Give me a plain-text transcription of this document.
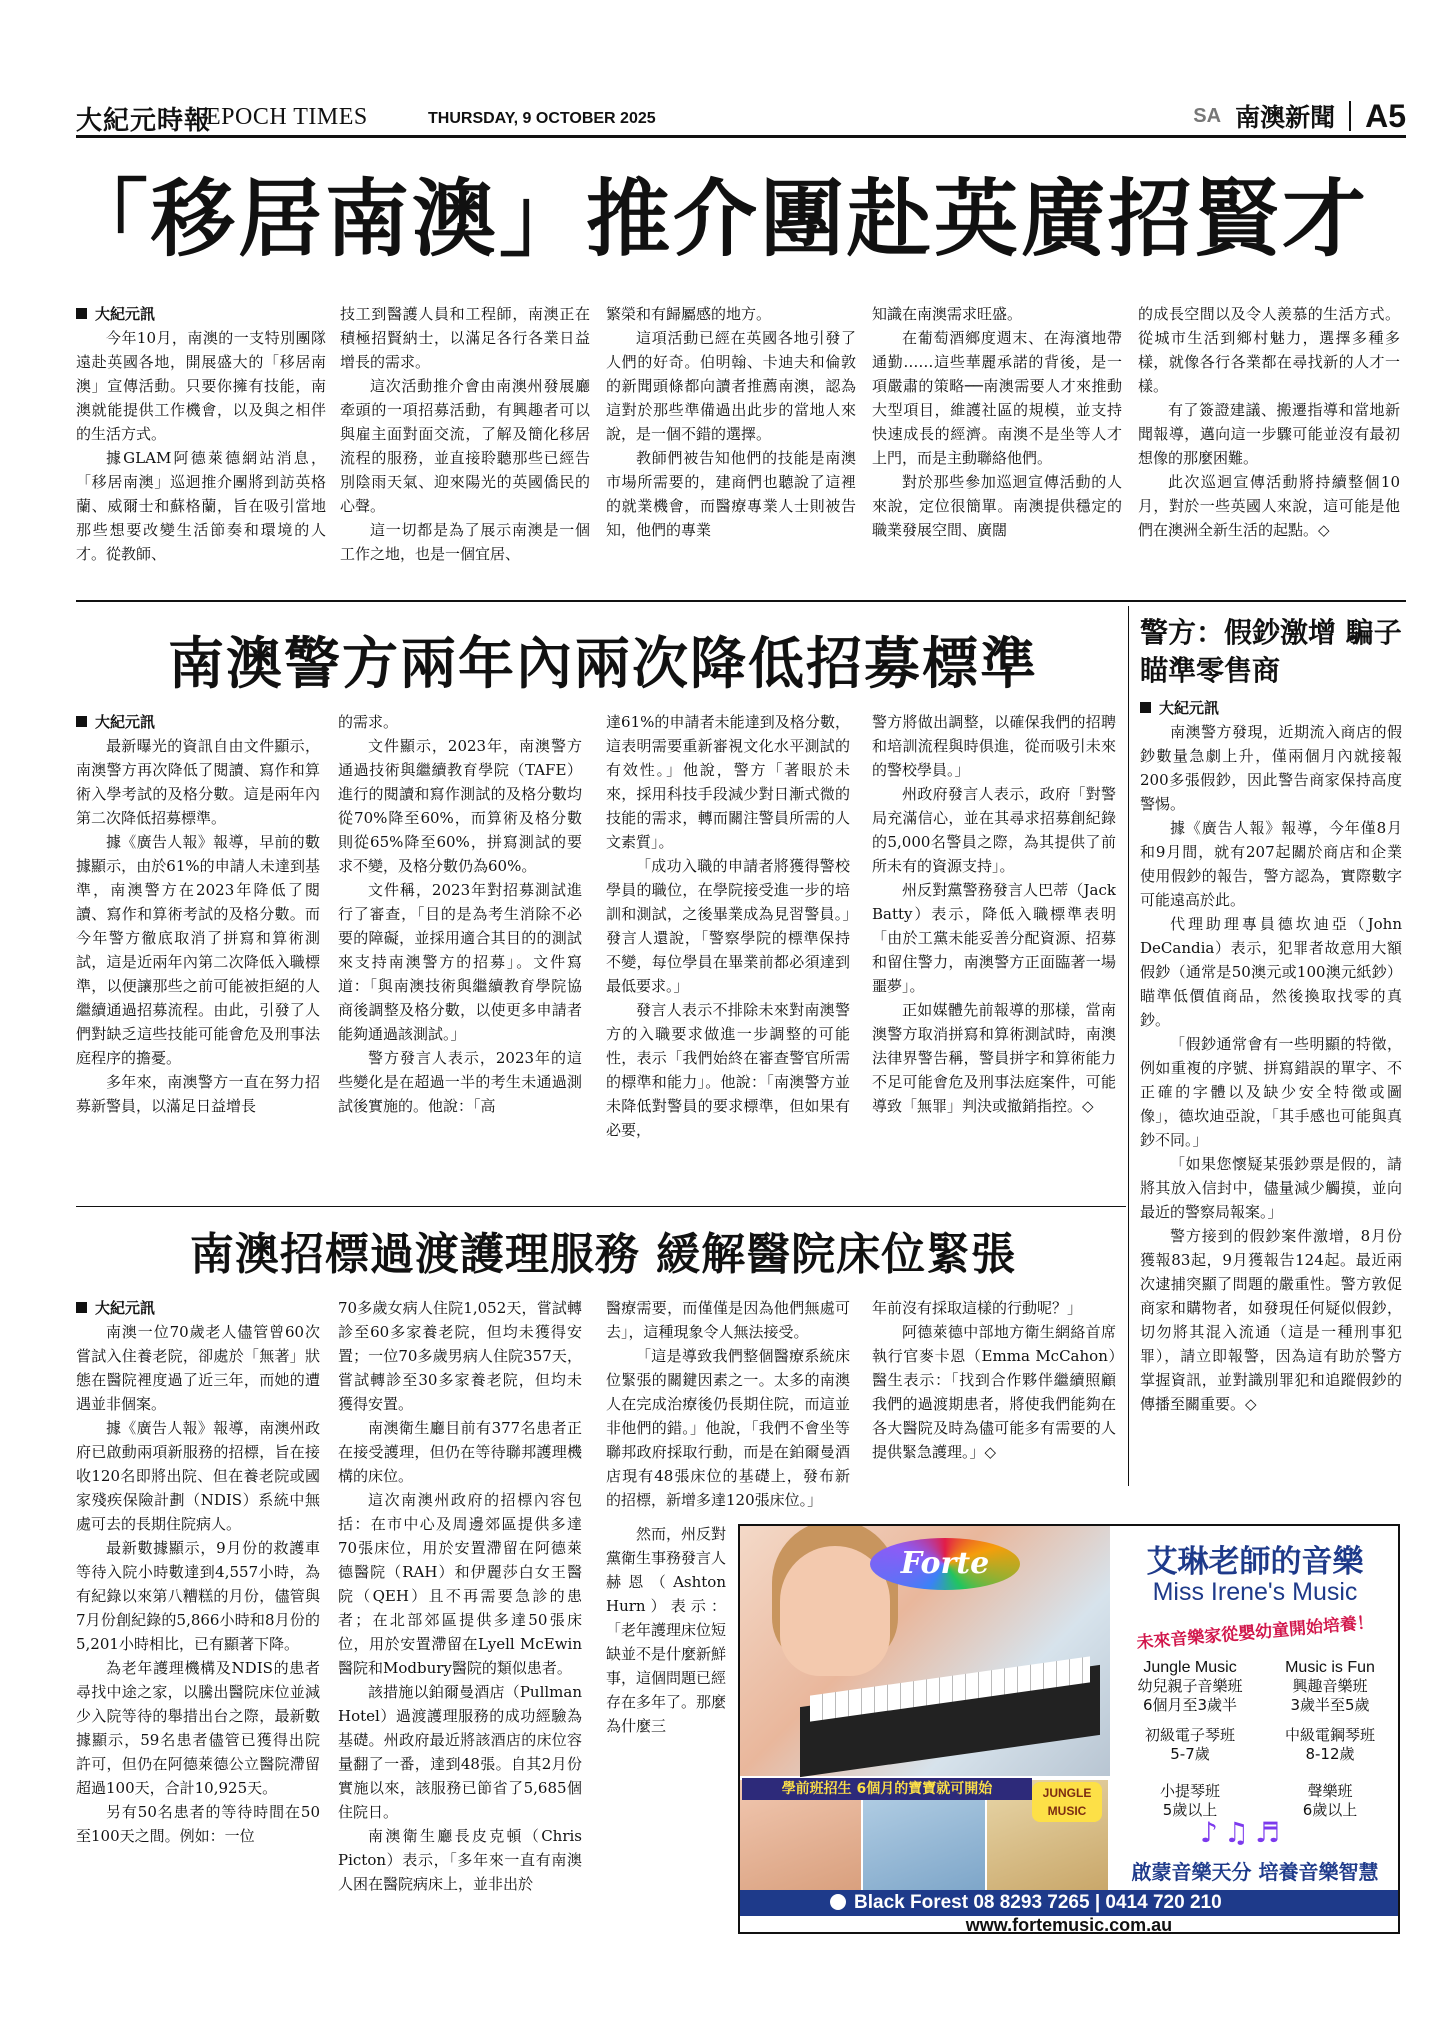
大紀元時報
EPOCH TIMES	THURSDAY, 9 OCTOBER 2025	SA 南澳新聞 A5
「移居南澳」推介團赴英廣招賢才

大紀元訊

今年10月，南澳的一支特別團隊遠赴英國各地，開展盛大的「移居南澳」宣傳活動。只要你擁有技能，南澳就能提供工作機會，以及與之相伴的生活方式。

據GLAM阿德萊德網站消息，「移居南澳」巡迴推介團將到訪英格蘭、威爾士和蘇格蘭，旨在吸引當地那些想要改變生活節奏和環境的人才。從教師、

技工到醫護人員和工程師，南澳正在積極招賢納士，以滿足各行各業日益增長的需求。

這次活動推介會由南澳州發展廳牽頭的一項招募活動，有興趣者可以與雇主面對面交流，了解及簡化移居流程的服務，並直接聆聽那些已經告別陰雨天氣、迎來陽光的英國僑民的心聲。

這一切都是為了展示南澳是一個工作之地，也是一個宜居、

繁榮和有歸屬感的地方。

這項活動已經在英國各地引發了人們的好奇。伯明翰、卡迪夫和倫敦的新聞頭條都向讀者推薦南澳，認為這對於那些準備過出此步的當地人來說，是一個不錯的選擇。

教師們被告知他們的技能是南澳市場所需要的，建商們也聽說了這裡的就業機會，而醫療專業人士則被告知，他們的專業

知識在南澳需求旺盛。

在葡萄酒鄉度週末、在海濱地帶通勤……這些華麗承諾的背後，是一項嚴肅的策略──南澳需要人才來推動大型項目，維護社區的規模，並支持快速成長的經濟。南澳不是坐等人才上門，而是主動聯絡他們。

對於那些參加巡迴宣傳活動的人來說，定位很簡單。南澳提供穩定的職業發展空間、廣闊

的成長空間以及令人羨慕的生活方式。從城市生活到鄉村魅力，選擇多種多樣，就像各行各業都在尋找新的人才一樣。

有了簽證建議、搬遷指導和當地新聞報導，邁向這一步驟可能並沒有最初想像的那麼困難。

此次巡迴宣傳活動將持續整個10月，對於一些英國人來說，這可能是他們在澳洲全新生活的起點。◇

南澳警方兩年內兩次降低招募標準

大紀元訊

最新曝光的資訊自由文件顯示，南澳警方再次降低了閱讀、寫作和算術入學考試的及格分數。這是兩年內第二次降低招募標準。

據《廣告人報》報導，早前的數據顯示，由於61%的申請人未達到基準，南澳警方在2023年降低了閱讀、寫作和算術考試的及格分數。而今年警方徹底取消了拼寫和算術測試，這是近兩年內第二次降低入職標準，以便讓那些之前可能被拒絕的人繼續通過招募流程。由此，引發了人們對缺乏這些技能可能會危及刑事法庭程序的擔憂。

多年來，南澳警方一直在努力招募新警員，以滿足日益增長

的需求。

文件顯示，2023年，南澳警方通過技術與繼續教育學院（TAFE）進行的閱讀和寫作測試的及格分數均從70%降至60%，而算術及格分數則從65%降至60%，拼寫測試的要求不變，及格分數仍為60%。

文件稱，2023年對招募測試進行了審查，「目的是為考生消除不必要的障礙，並採用適合其目的的測試來支持南澳警方的招募」。文件寫道：「與南澳技術與繼續教育學院協商後調整及格分數，以使更多申請者能夠通過該測試。」

警方發言人表示，2023年的這些變化是在超過一半的考生未通過測試後實施的。他說：「高

達61%的申請者未能達到及格分數，這表明需要重新審視文化水平測試的有效性。」他說，警方「著眼於未來，採用科技手段減少對日漸式微的技能的需求，轉而關注警員所需的人文素質」。

「成功入職的申請者將獲得警校學員的職位，在學院接受進一步的培訓和測試，之後畢業成為見習警員。」發言人還說，「警察學院的標準保持不變，每位學員在畢業前都必須達到最低要求。」

發言人表示不排除未來對南澳警方的入職要求做進一步調整的可能性，表示「我們始終在審查警官所需的標準和能力」。他說：「南澳警方並未降低對警員的要求標準，但如果有必要，

警方將做出調整，以確保我們的招聘和培訓流程與時俱進，從而吸引未來的警校學員。」

州政府發言人表示，政府「對警局充滿信心，並在其尋求招募創紀錄的5,000名警員之際，為其提供了前所未有的資源支持」。

州反對黨警務發言人巴蒂（Jack Batty）表示，降低入職標準表明「由於工黨未能妥善分配資源、招募和留住警力，南澳警方正面臨著一場噩夢」。

正如媒體先前報導的那樣，當南澳警方取消拼寫和算術測試時，南澳法律界警告稱，警員拼字和算術能力不足可能會危及刑事法庭案件，可能導致「無罪」判決或撤銷指控。◇

警方：假鈔激增 騙子瞄準零售商

大紀元訊

南澳警方發現，近期流入商店的假鈔數量急劇上升，僅兩個月內就接報200多張假鈔，因此警告商家保持高度警惕。

據《廣告人報》報導，今年僅8月和9月間，就有207起關於商店和企業使用假鈔的報告，警方認為，實際數字可能遠高於此。

代理助理專員德坎迪亞（John DeCandia）表示，犯罪者故意用大額假鈔（通常是50澳元或100澳元紙鈔）瞄準低價值商品，然後換取找零的真鈔。

「假鈔通常會有一些明顯的特徵，例如重複的序號、拼寫錯誤的單字、不正確的字體以及缺少安全特徵或圖像」，德坎迪亞說，「其手感也可能與真鈔不同。」

「如果您懷疑某張鈔票是假的，請將其放入信封中，儘量減少觸摸，並向最近的警察局報案。」

警方接到的假鈔案件激增，8月份獲報83起，9月獲報告124起。最近兩次逮捕突顯了問題的嚴重性。警方敦促商家和購物者，如發現任何疑似假鈔，切勿將其混入流通（這是一種刑事犯罪），請立即報警，因為這有助於警方掌握資訊，並對識別罪犯和追蹤假鈔的傳播至關重要。◇

南澳招標過渡護理服務 緩解醫院床位緊張

大紀元訊

南澳一位70歲老人儘管曾60次嘗試入住養老院，卻處於「無著」狀態在醫院裡度過了近三年，而她的遭遇並非個案。

據《廣告人報》報導，南澳州政府已啟動兩項新服務的招標，旨在接收120名即將出院、但在養老院或國家殘疾保險計劃（NDIS）系統中無處可去的長期住院病人。

最新數據顯示，9月份的救護車等待入院小時數達到4,557小時，為有紀錄以來第八糟糕的月份，儘管與7月份創紀錄的5,866小時和8月份的5,201小時相比，已有顯著下降。

為老年護理機構及NDIS的患者尋找中途之家，以騰出醫院床位並減少入院等待的舉措出台之際，最新數據顯示，59名患者儘管已獲得出院許可，但仍在阿德萊德公立醫院滯留超過100天，合計10,925天。

另有50名患者的等待時間在50至100天之間。例如：一位

70多歲女病人住院1,052天，嘗試轉診至60多家養老院，但均未獲得安置；一位70多歲男病人住院357天，嘗試轉診至30多家養老院，但均未獲得安置。

南澳衛生廳目前有377名患者正在接受護理，但仍在等待聯邦護理機構的床位。

這次南澳州政府的招標內容包括：在市中心及周邊郊區提供多達70張床位，用於安置滯留在阿德萊德醫院（RAH）和伊麗莎白女王醫院（QEH）且不再需要急診的患者；在北部郊區提供多達50張床位，用於安置滯留在Lyell McEwin醫院和Modbury醫院的類似患者。

該措施以鉑爾曼酒店（Pullman Hotel）過渡護理服務的成功經驗為基礎。州政府最近將該酒店的床位容量翻了一番，達到48張。自其2月份實施以來，該服務已節省了5,685個住院日。

南澳衛生廳長皮克頓（Chris Picton）表示，「多年來一直有南澳人困在醫院病床上，並非出於

醫療需要，而僅僅是因為他們無處可去」，這種現象令人無法接受。

「這是導致我們整個醫療系統床位緊張的關鍵因素之一。太多的南澳人在完成治療後仍長期住院，而這並非他們的錯。」他說，「我們不會坐等聯邦政府採取行動，而是在鉑爾曼酒店現有48張床位的基礎上，發布新的招標，新增多達120張床位。」

然而，州反對黨衛生事務發言人赫恩（Ashton Hurn）表示：「老年護理床位短缺並不是什麼新鮮事，這個問題已經存在多年了。那麼為什麼三

年前沒有採取這樣的行動呢？」

阿德萊德中部地方衛生網絡首席執行官麥卡恩（Emma McCahon）醫生表示：「找到合作夥伴繼續照顧我們的過渡期患者，將使我們能夠在各大醫院及時為儘可能多有需要的人提供緊急護理。」◇

Forte	艾琳老師的音樂
Miss Irene's Music
未來音樂家從嬰幼童開始培養！
Jungle Music
幼兒親子音樂班
6個月至3歲半
Music is Fun
興趣音樂班
3歲半至5歲
初級電子琴班
5-7歲
中級電鋼琴班
8-12歲
小提琴班
5歲以上
聲樂班
6歲以上
學前班招生 6個月的寶寶就可開始	JUNGLE MUSIC
♪♫♬
啟蒙音樂天分 培養音樂智慧
Black Forest 08 8293 7265 | 0414 720 210
www.fortemusic.com.au
